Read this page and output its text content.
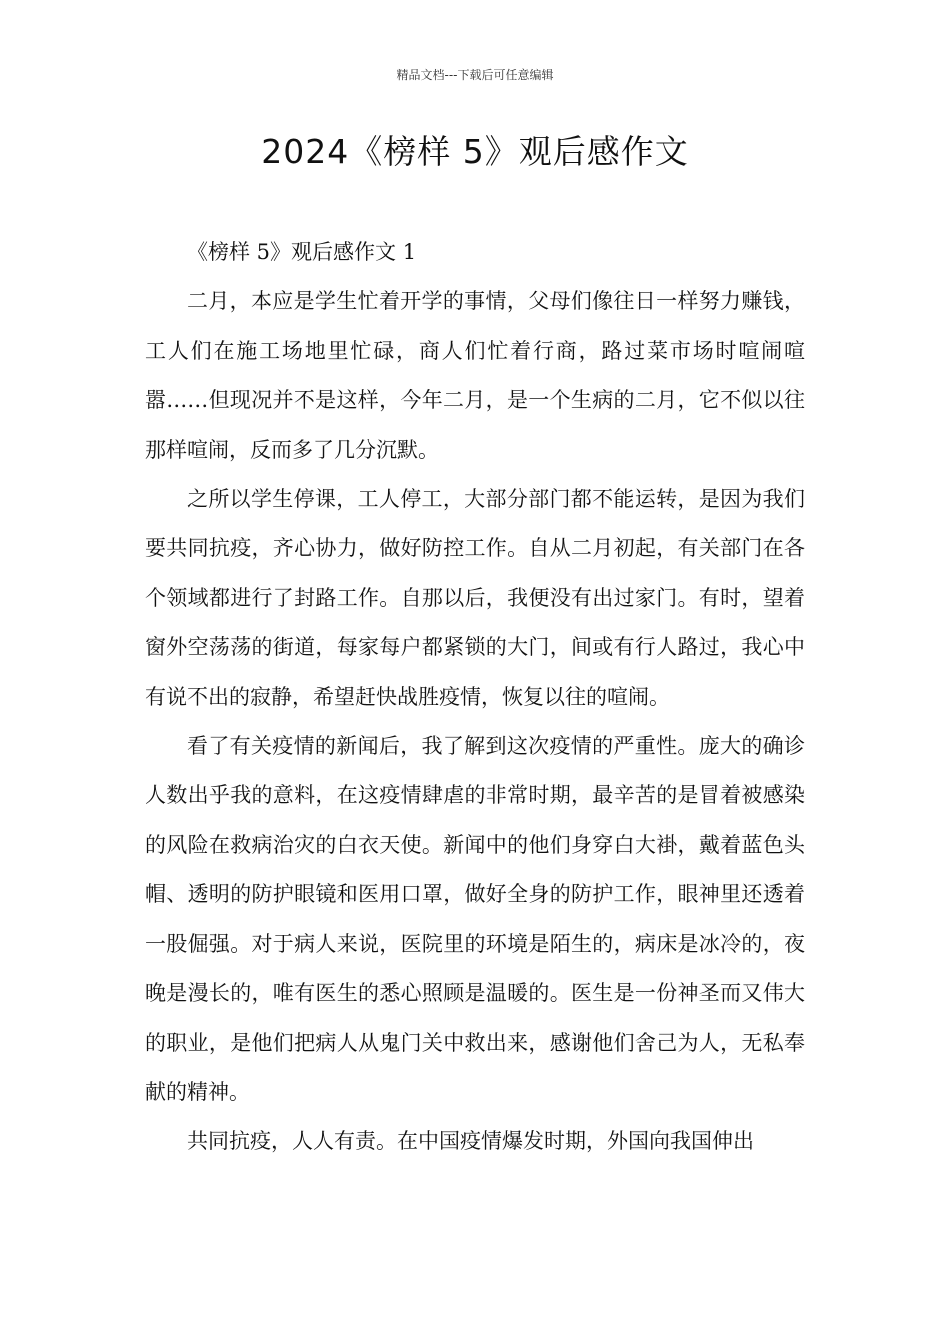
精品文档---下载后可任意编辑
2024《榜样 5》观后感作文

《榜样 5》观后感作文 1

二月，本应是学生忙着开学的事情，父母们像往日一样努力赚钱，工人们在施工场地里忙碌，商人们忙着行商，路过菜市场时喧闹喧嚣……但现况并不是这样，今年二月，是一个生病的二月，它不似以往那样喧闹，反而多了几分沉默。

之所以学生停课，工人停工，大部分部门都不能运转，是因为我们要共同抗疫，齐心协力，做好防控工作。自从二月初起，有关部门在各个领域都进行了封路工作。自那以后，我便没有出过家门。有时，望着窗外空荡荡的街道，每家每户都紧锁的大门，间或有行人路过，我心中有说不出的寂静，希望赶快战胜疫情，恢复以往的喧闹。

看了有关疫情的新闻后，我了解到这次疫情的严重性。庞大的确诊人数出乎我的意料，在这疫情肆虐的非常时期，最辛苦的是冒着被感染的风险在救病治灾的白衣天使。新闻中的他们身穿白大褂，戴着蓝色头帽、透明的防护眼镜和医用口罩，做好全身的防护工作，眼神里还透着一股倔强。对于病人来说，医院里的环境是陌生的，病床是冰冷的，夜晚是漫长的，唯有医生的悉心照顾是温暖的。医生是一份神圣而又伟大的职业，是他们把病人从鬼门关中救出来，感谢他们舍己为人，无私奉献的精神。

共同抗疫，人人有责。在中国疫情爆发时期，外国向我国伸出
